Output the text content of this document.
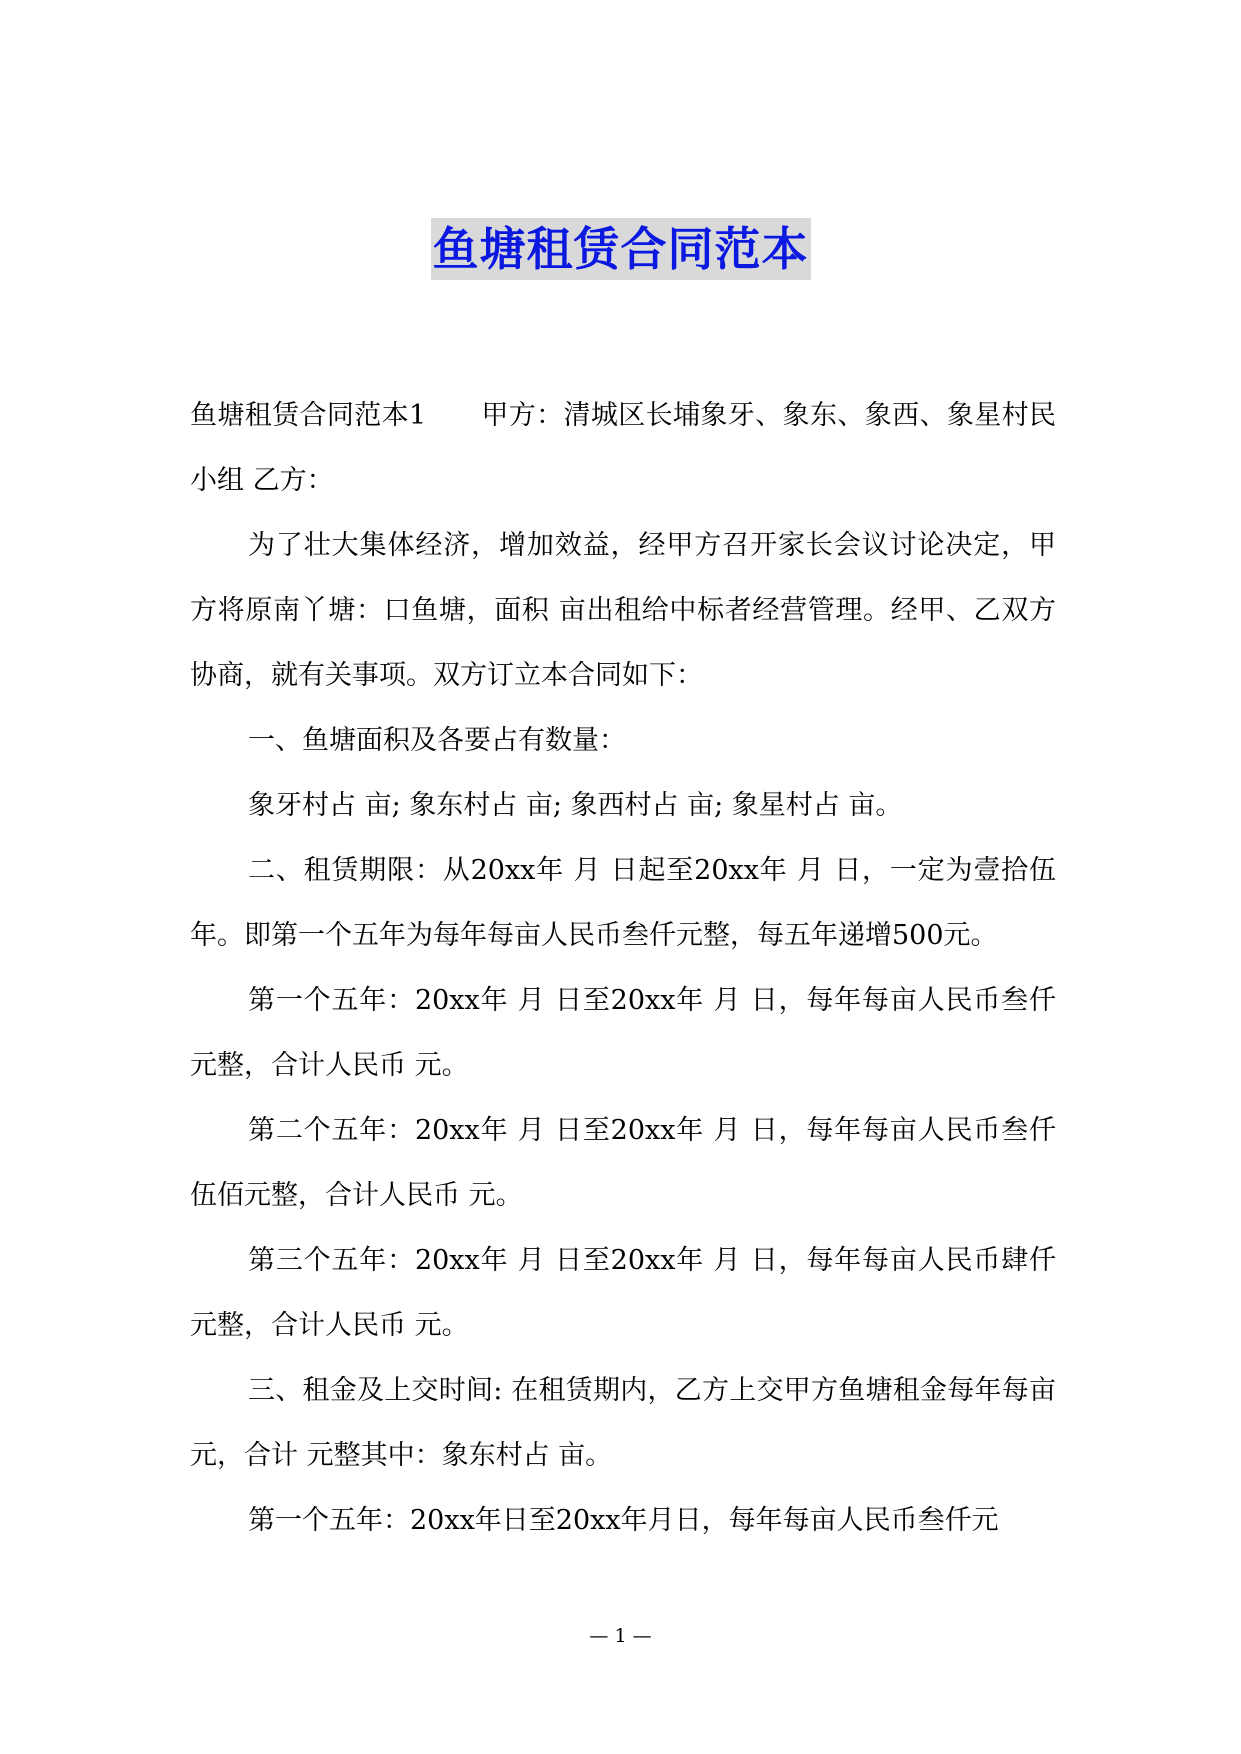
鱼塘租赁合同范本

鱼塘租赁合同范本1　　甲方：清城区长埔象牙、象东、象西、象星村民小组 乙方：

为了壮大集体经济，增加效益，经甲方召开家长会议讨论决定，甲方将原南丫塘：口鱼塘，面积 亩出租给中标者经营管理。经甲、乙双方协商，就有关事项。双方订立本合同如下：

一、鱼塘面积及各要占有数量：

象牙村占 亩; 象东村占 亩; 象西村占 亩; 象星村占 亩。

二、租赁期限：从20xx年 月 日起至20xx年 月 日，一定为壹拾伍年。即第一个五年为每年每亩人民币叁仟元整，每五年递增500元。

第一个五年：20xx年 月 日至20xx年 月 日，每年每亩人民币叁仟元整，合计人民币 元。

第二个五年：20xx年 月 日至20xx年 月 日，每年每亩人民币叁仟伍佰元整，合计人民币 元。

第三个五年：20xx年 月 日至20xx年 月 日，每年每亩人民币肆仟元整，合计人民币 元。

三、租金及上交时间: 在租赁期内，乙方上交甲方鱼塘租金每年每亩 元，合计 元整其中：象东村占 亩。

第一个五年：20xx年日至20xx年月日，每年每亩人民币叁仟元

— 1 —
